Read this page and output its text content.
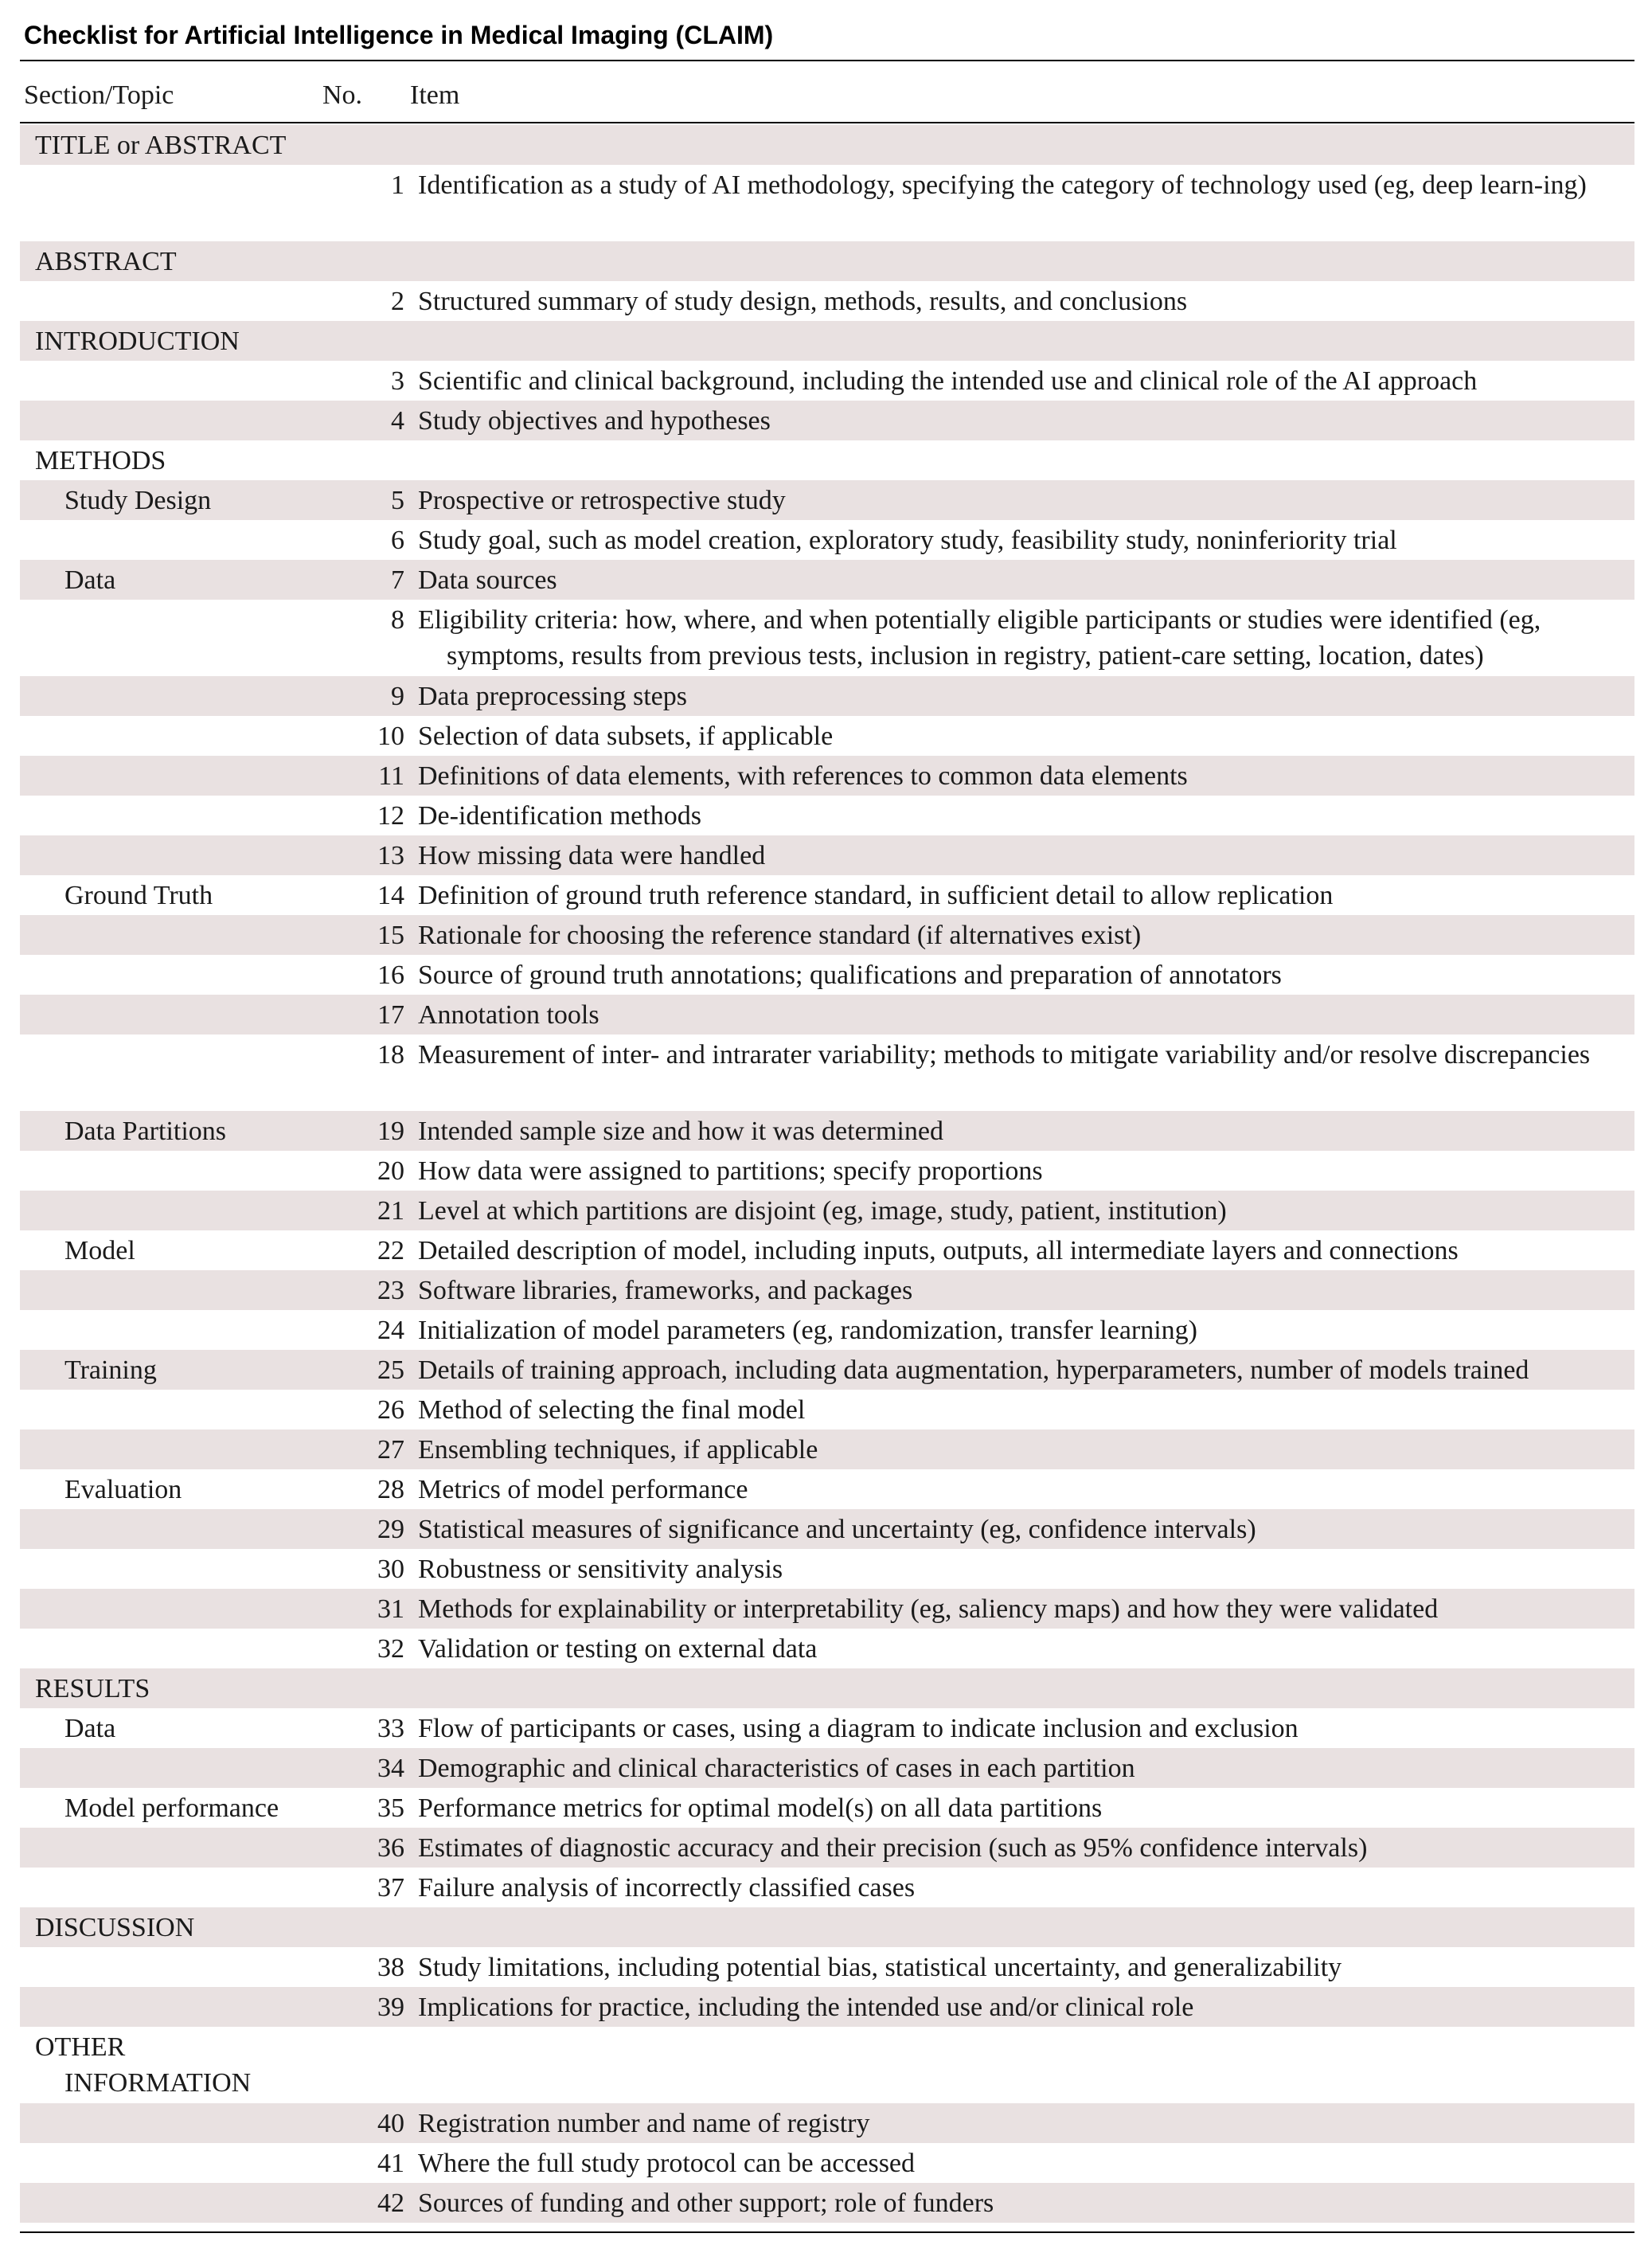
Checklist for Artificial Intelligence in Medical Imaging (CLAIM)
Section/Topic	No. Item
TITLE or ABSTRACT
1 Identification as a study of AI methodology, specifying the category of technology used (eg, deep learn-ing)
ABSTRACT
2 Structured summary of study design, methods, results, and conclusions
INTRODUCTION
3 Scientific and clinical background, including the intended use and clinical role of the AI approach
4 Study objectives and hypotheses
METHODS
Study Design	5 Prospective or retrospective study
6 Study goal, such as model creation, exploratory study, feasibility study, noninferiority trial
Data	7 Data sources
8 Eligibility criteria: how, where, and when potentially eligible participants or studies were identified (eg, symptoms, results from previous tests, inclusion in registry, patient-care setting, location, dates)
9 Data preprocessing steps
10 Selection of data subsets, if applicable
11 Definitions of data elements, with references to common data elements
12 De-identification methods
13 How missing data were handled
Ground Truth	14 Definition of ground truth reference standard, in sufficient detail to allow replication
15 Rationale for choosing the reference standard (if alternatives exist)
16 Source of ground truth annotations; qualifications and preparation of annotators
17 Annotation tools
18 Measurement of inter- and intrarater variability; methods to mitigate variability and/or resolve discrepancies
Data Partitions	19 Intended sample size and how it was determined
20 How data were assigned to partitions; specify proportions
21 Level at which partitions are disjoint (eg, image, study, patient, institution)
Model	22 Detailed description of model, including inputs, outputs, all intermediate layers and connections
23 Software libraries, frameworks, and packages
24 Initialization of model parameters (eg, randomization, transfer learning)
Training	25 Details of training approach, including data augmentation, hyperparameters, number of models trained
26 Method of selecting the final model
27 Ensembling techniques, if applicable
Evaluation	28 Metrics of model performance
29 Statistical measures of significance and uncertainty (eg, confidence intervals)
30 Robustness or sensitivity analysis
31 Methods for explainability or interpretability (eg, saliency maps) and how they were validated
32 Validation or testing on external data
RESULTS
Data	33 Flow of participants or cases, using a diagram to indicate inclusion and exclusion
34 Demographic and clinical characteristics of cases in each partition
Model performance	35 Performance metrics for optimal model(s) on all data partitions
36 Estimates of diagnostic accuracy and their precision (such as 95% confidence intervals)
37 Failure analysis of incorrectly classified cases
DISCUSSION
38 Study limitations, including potential bias, statistical uncertainty, and generalizability
39 Implications for practice, including the intended use and/or clinical role
OTHER INFORMATION
40 Registration number and name of registry
41 Where the full study protocol can be accessed
42 Sources of funding and other support; role of funders
